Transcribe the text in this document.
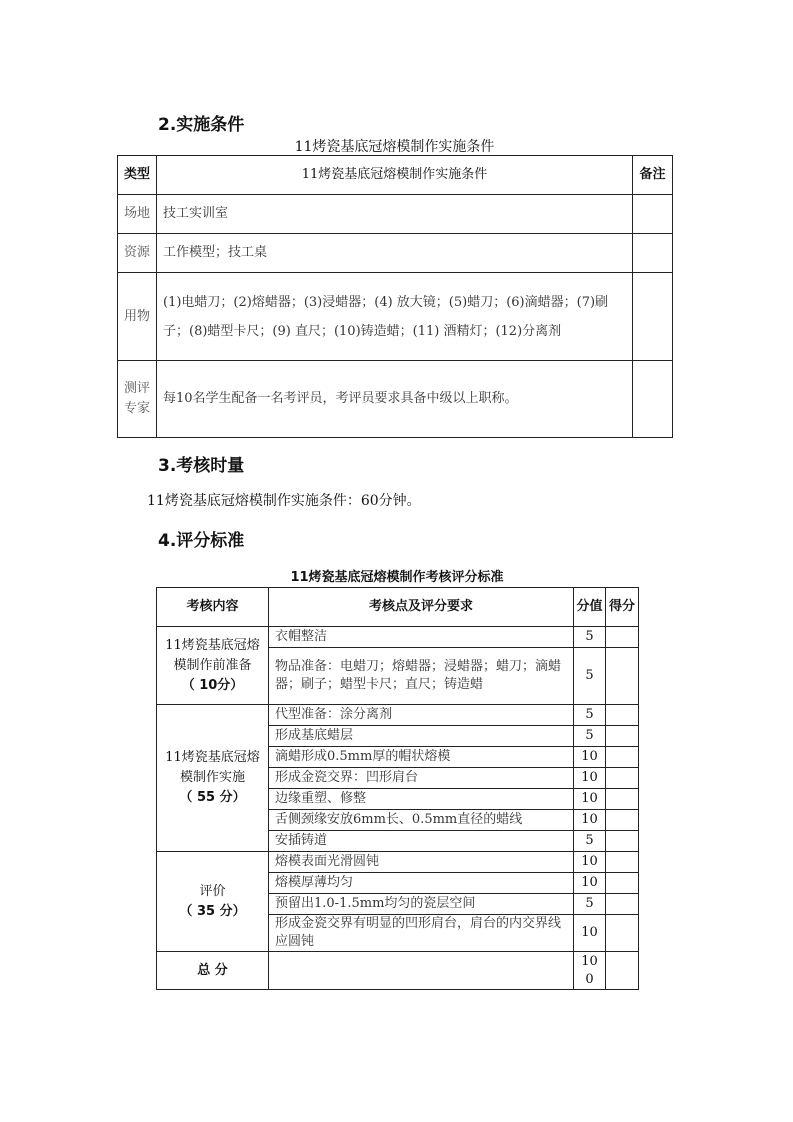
2.实施条件
11烤瓷基底冠熔模制作实施条件
类型	11烤瓷基底冠熔模制作实施条件	备注
场地	技工实训室	
资源	工作模型；技工桌	
用物	(1)电蜡刀；(2)熔蜡器；(3)浸蜡器；(4) 放大镜；(5)蜡刀；(6)滴蜡器；(7)刷子；(8)蜡型卡尺；(9) 直尺；(10)铸造蜡；(11) 酒精灯；(12)分离剂	
测评专家	每10名学生配备一名考评员，考评员要求具备中级以上职称。	
3.考核时量
11烤瓷基底冠熔模制作实施条件：60分钟。
4.评分标准
11烤瓷基底冠熔模制作考核评分标准
考核内容	考核点及评分要求	分值	得分

11烤瓷基底冠熔模制作前准备
（ 10分）	衣帽整洁	5	
	物品准备：电蜡刀；熔蜡器；浸蜡器；蜡刀；滴蜡器；刷子；蜡型卡尺；直尺；铸造蜡	5	

11烤瓷基底冠熔模制作实施
（ 55 分）	代型准备：涂分离剂	5	
	形成基底蜡层	5	
	滴蜡形成0.5mm厚的帽状熔模	10	
	形成金瓷交界：凹形肩台	10	
	边缘重塑、修整	10	
	舌侧颈缘安放6mm长、0.5mm直径的蜡线	10	
	安插铸道	5	

评价
（ 35 分）	熔模表面光滑圆钝	10	
	熔模厚薄均匀	10	
	预留出1.0-1.5mm均匀的瓷层空间	5	
	形成金瓷交界有明显的凹形肩台，肩台的内交界线应圆钝	10	
总 分		100	
